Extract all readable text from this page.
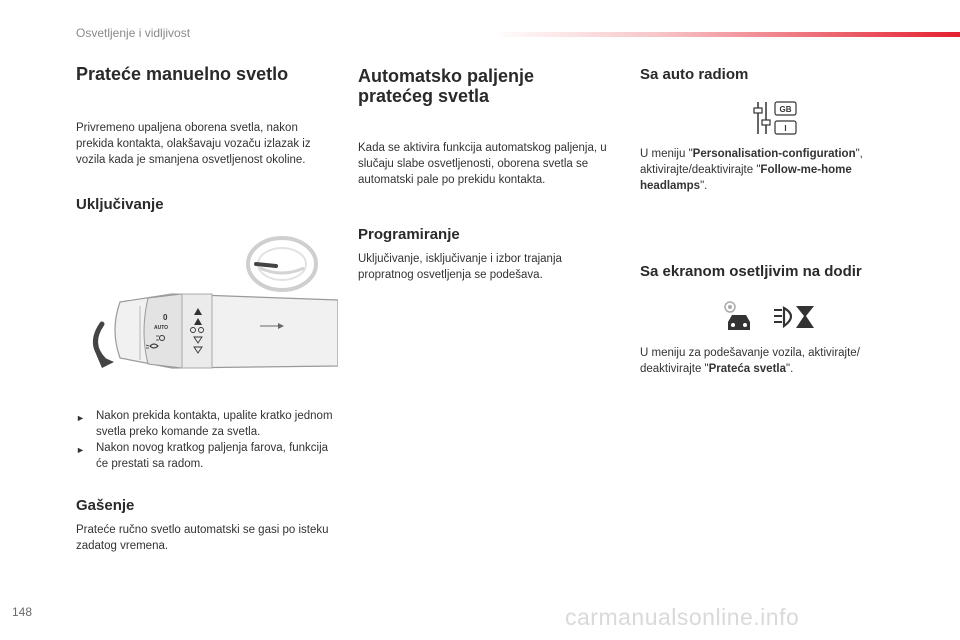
Osvetljenje i vidljivost
Prateće manuelno svetlo
Privremeno upaljena oborena svetla, nakon prekida kontakta, olakšavaju vozaču izlazak iz vozila kada je smanjena osvetljenost okoline.
Uključivanje
0
AUTO
► Nakon prekida kontakta, upalite kratko jednom svetla preko komande za svetla.
► Nakon novog kratkog paljenja farova, funkcija će prestati sa radom.
Gašenje
Prateće ručno svetlo automatski se gasi po isteku zadatog vremena.
Automatsko paljenje
pratećeg svetla
Kada se aktivira funkcija automatskog paljenja, u slučaju slabe osvetljenosti, oborena svetla se automatski pale po prekidu kontakta.
Programiranje
Uključivanje, isključivanje i izbor trajanja propratnog osvetljenja se podešava.
Sa auto radiom
GB
I
U meniju "Personalisation-configuration", aktivirajte/deaktivirajte "Follow-me-home headlamps".
Sa ekranom osetljivim na dodir
U meniju za podešavanje vozila, aktivirajte/ deaktivirajte "Prateća svetla".
148	carmanualsonline.info
